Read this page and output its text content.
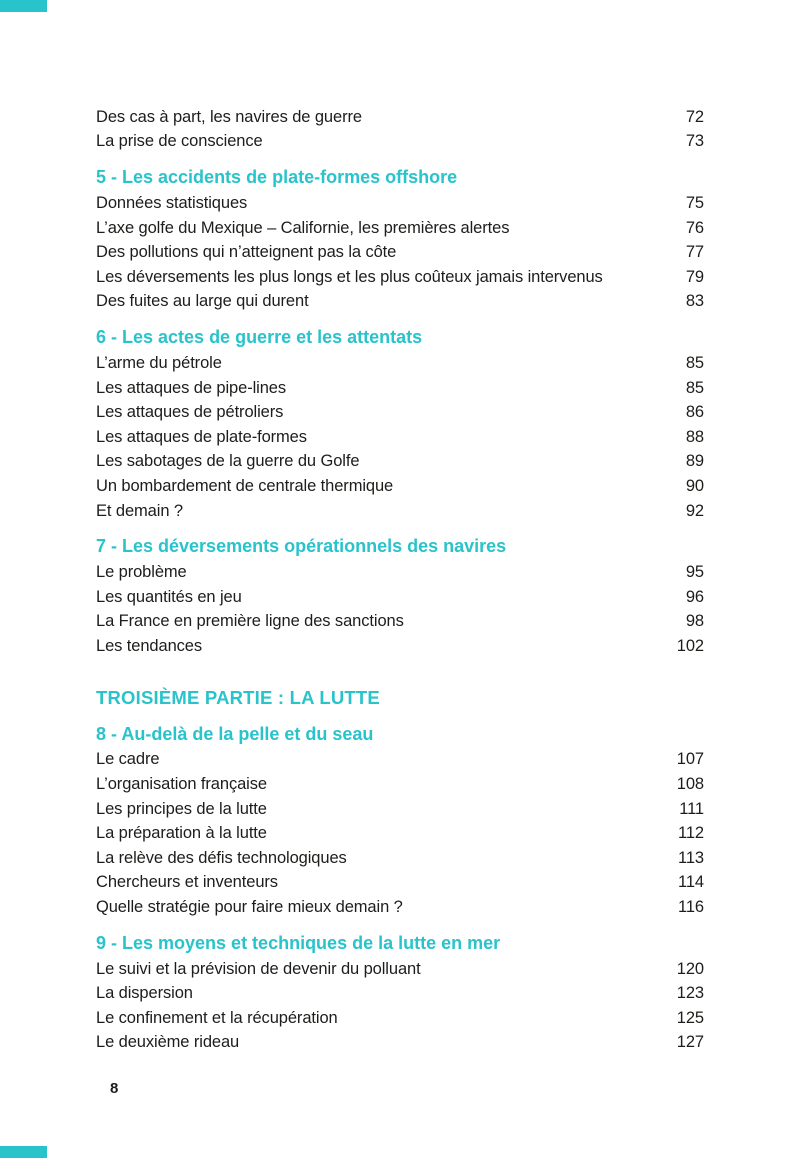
Des cas à part, les navires de guerre	72
La prise de conscience	73
5 - Les accidents de plate-formes offshore
Données statistiques	75
L’axe golfe du Mexique – Californie, les premières alertes	76
Des pollutions qui n’atteignent pas la côte	77
Les déversements les plus longs et les plus coûteux jamais intervenus	79
Des fuites au large qui durent	83
6 - Les actes de guerre et les attentats
L’arme du pétrole	85
Les attaques de pipe-lines	85
Les attaques de pétroliers	86
Les attaques de plate-formes	88
Les sabotages de la guerre du Golfe	89
Un bombardement de centrale thermique	90
Et demain ?	92
7 - Les déversements opérationnels des navires
Le problème	95
Les quantités en jeu	96
La France en première ligne des sanctions	98
Les tendances	102
TROISIÈME PARTIE : LA LUTTE
8 - Au-delà de la pelle et du seau
Le cadre	107
L’organisation française	108
Les principes de la lutte	111
La préparation à la lutte	112
La relève des défis technologiques	113
Chercheurs et inventeurs	114
Quelle stratégie pour faire mieux demain ?	116
9 - Les moyens et techniques de la lutte en mer
Le suivi et la prévision de devenir du polluant	120
La dispersion	123
Le confinement et la récupération	125
Le deuxième rideau	127
8
